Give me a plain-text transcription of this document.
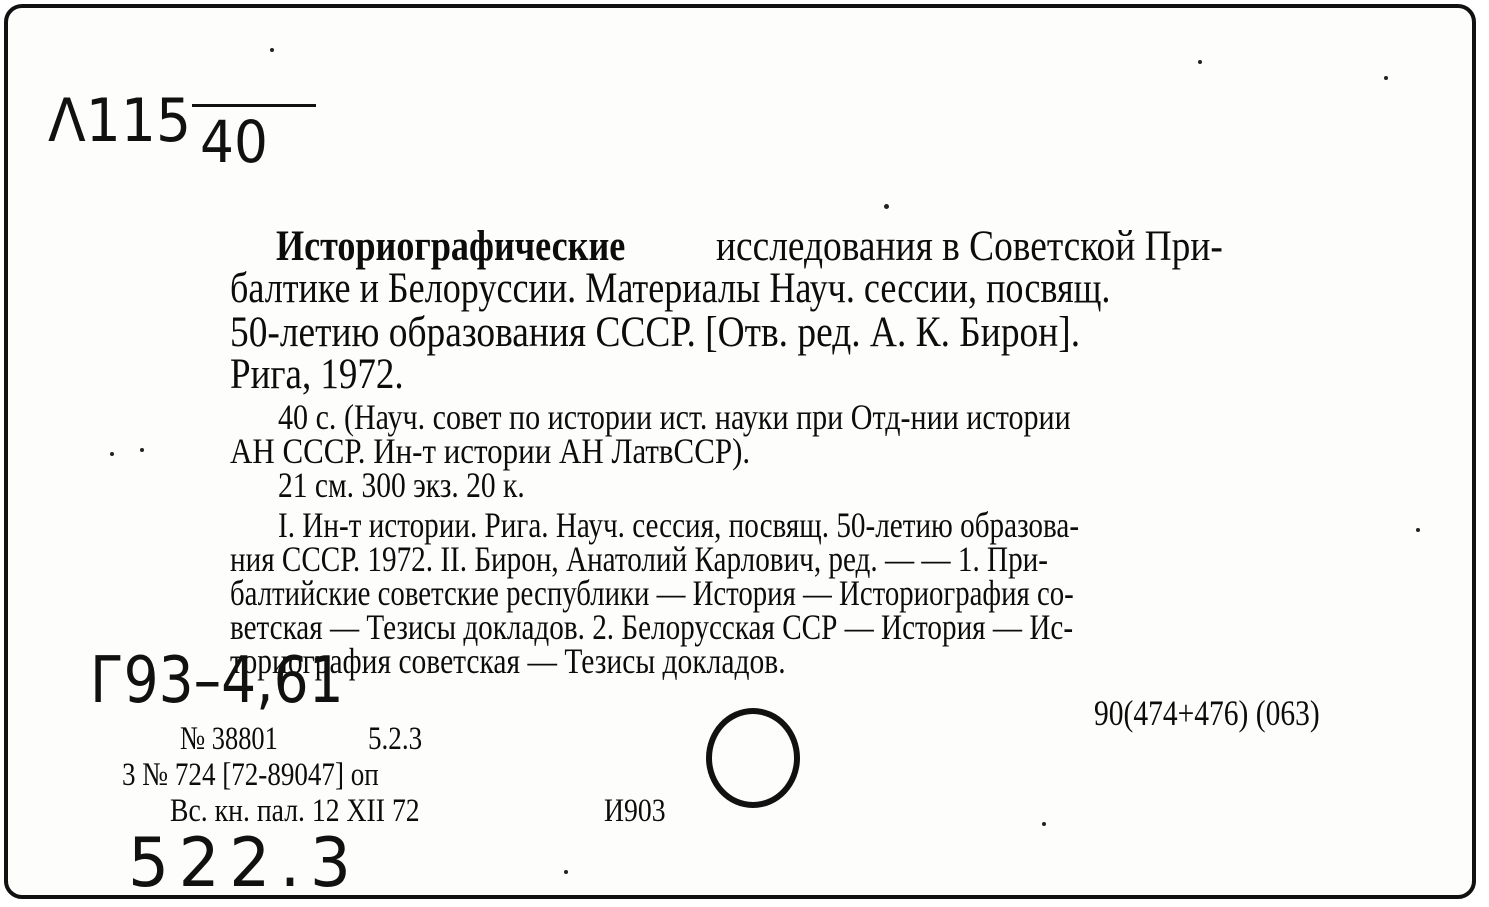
Λ115 40
Историографические исследования в Советской При-
балтике и Белоруссии. Материалы Науч. сессии, посвящ.
50-летию образования СССР. [Отв. ред. А. К. Бирон].
Рига, 1972.
40 с. (Науч. совет по истории ист. науки при Отд-нии истории
АН СССР. Ин-т истории АН ЛатвССР).
21 см. 300 экз. 20 к.
I. Ин-т истории. Рига. Науч. сессия, посвящ. 50-летию образова-
ния СССР. 1972. II. Бирон, Анатолий Карлович, ред. — — 1. При-
балтийские советские республики — История — Историография со-
ветская — Тезисы докладов. 2. Белорусская ССР — История — Ис-
ториография советская — Тезисы докладов.
90(474+476) (063)
Г93–4,61
№ 38801	5.2.3
3 № 724 [72-89047] оп
Вс. кн. пал. 12 XII 72	И903
522.3
